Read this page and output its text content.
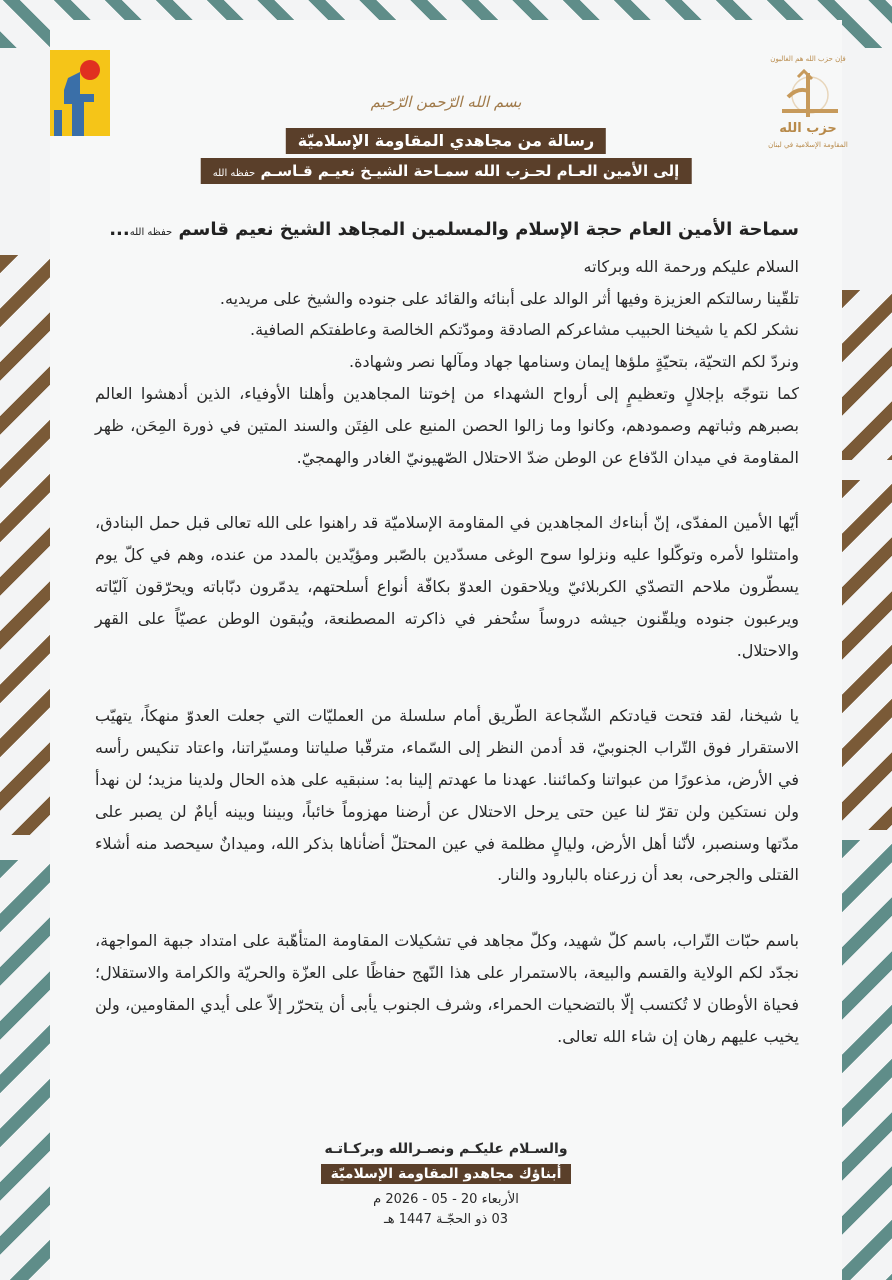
فإن حزب الله هم الغالبون
حزب الله
المقاومة الإسلامية في لبنان
بسم الله الرّحمن الرّحيم
رسالة من مجاهدي المقاومة الإسلاميّة
إلى الأمين العـام لحـزب الله سمـاحة الشيـخ نعيـم قـاسـم حفظه الله

سماحة الأمين العام حجة الإسلام والمسلمين المجاهد الشيخ نعيم قاسم حفظه الله...

السلام عليكم ورحمة الله وبركاته

تلقّينا رسالتكم العزيزة وفيها أثر الوالد على أبنائه والقائد على جنوده والشيخ على مريديه.

نشكر لكم يا شيخنا الحبيب مشاعركم الصادقة ومودّتكم الخالصة وعاطفتكم الصافية.

ونردّ لكم التحيّة، بتحيّةٍ ملؤها إيمان وسنامها جهاد ومآلها نصر وشهادة.

كما نتوجّه بإجلالٍ وتعظيمٍ إلى أرواح الشهداء من إخوتنا المجاهدين وأهلنا الأوفياء، الذين أدهشوا العالم بصبرهم وثباتهم وصمودهم، وكانوا وما زالوا الحصن المنيع على الفِتَن والسند المتين في ذورة المِحَن، ظهر المقاومة في ميدان الدّفاع عن الوطن ضدّ الاحتلال الصّهيونيّ الغادر والهمجيّ.

أيّها الأمين المفدّى، إنّ أبناءك المجاهدين في المقاومة الإسلاميّة قد راهنوا على الله تعالى قبل حمل البنادق، وامتثلوا لأمره وتوكّلوا عليه ونزلوا سوح الوغى مسدّدين بالصّبر ومؤيّدين بالمدد من عنده، وهم في كلّ يوم يسطّرون ملاحم التصدّي الكربلائيّ ويلاحقون العدوّ بكافّة أنواع أسلحتهم، يدمّرون دبّاباته ويحرّقون آليّاته ويرعبون جنوده ويلقّنون جيشه دروساً ستُحفر في ذاكرته المصطنعة، ويُبقون الوطن عصيّاً على القهر والاحتلال.

يا شيخنا، لقد فتحت قيادتكم الشّجاعة الطّريق أمام سلسلة من العمليّات التي جعلت العدوّ منهكاً، يتهيّب الاستقرار فوق التّراب الجنوبيّ، قد أدمن النظر إلى السّماء، مترقّبا صلياتنا ومسيّراتنا، واعتاد تنكيس رأسه في الأرض، مذعورًا من عبواتنا وكمائننا. عهدنا ما عهدتم إلينا به: سنبقيه على هذه الحال ولدينا مزيد؛ لن نهدأ ولن نستكين ولن تقرّ لنا عين حتى يرحل الاحتلال عن أرضنا مهزوماً خائباً، وبيننا وبينه أيامٌ لن يصبر على مدّتها وسنصبر، لأنّنا أهل الأرض، وليالٍ مظلمة في عين المحتلّ أضأناها بذكر الله، وميدانٌ سيحصد منه أشلاء القتلى والجرحى، بعد أن زرعناه بالبارود والنار.

باسم حبّات التّراب، باسم كلّ شهيد، وكلّ مجاهد في تشكيلات المقاومة المتأهّبة على امتداد جبهة المواجهة، نجدّد لكم الولاية والقسم والبيعة، بالاستمرار على هذا النّهج حفاظًا على العزّة والحريّة والكرامة والاستقلال؛ فحياة الأوطان لا تُكتسب إلّا بالتضحيات الحمراء، وشرف الجنوب يأبى أن يتحرّر إلاّ على أيدي المقاومين، ولن يخيب عليهم رهان إن شاء الله تعالى.

والسـلام عليكـم ونصـرالله وبركـاتـه
أبناؤك مجاهدو المقاومة الإسلاميّة
الأربعاء 20 - 05 - 2026 م
03 ذو الحجّـة 1447 هـ
